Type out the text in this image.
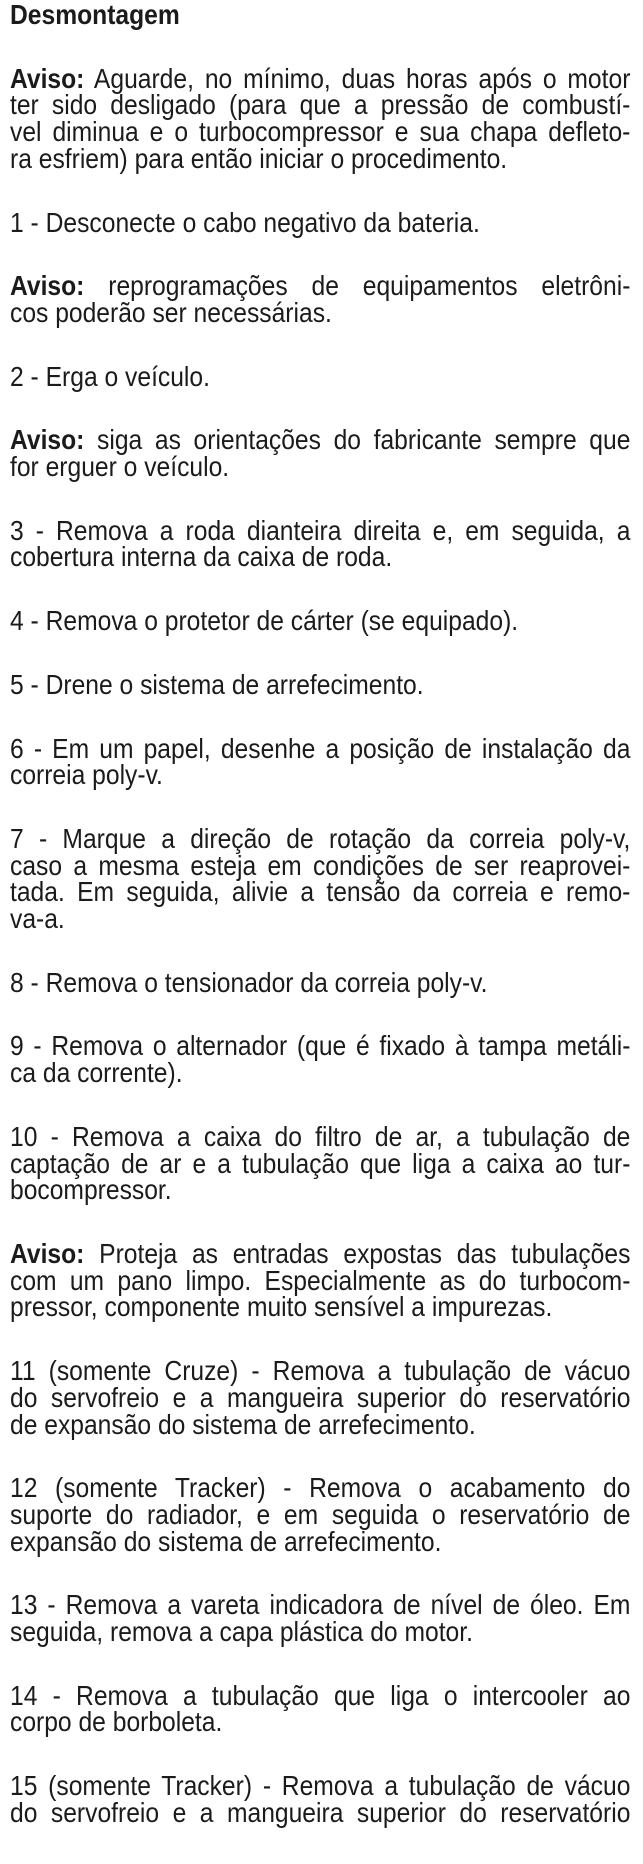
Desmontagem
Aviso: Aguarde, no mínimo, duas horas após o motor
ter sido desligado (para que a pressão de combustí-
vel diminua e o turbocompressor e sua chapa defleto-
ra esfriem) para então iniciar o procedimento.
1 - Desconecte o cabo negativo da bateria.
Aviso: reprogramações de equipamentos eletrôni-
cos poderão ser necessárias.
2 - Erga o veículo.
Aviso: siga as orientações do fabricante sempre que
for erguer o veículo.
3 - Remova a roda dianteira direita e, em seguida, a
cobertura interna da caixa de roda.
4 - Remova o protetor de cárter (se equipado).
5 - Drene o sistema de arrefecimento.
6 - Em um papel, desenhe a posição de instalação da
correia poly-v.
7 - Marque a direção de rotação da correia poly-v,
caso a mesma esteja em condições de ser reaprovei-
tada. Em seguida, alivie a tensão da correia e remo-
va-a.
8 - Remova o tensionador da correia poly-v.
9 - Remova o alternador (que é fixado à tampa metáli-
ca da corrente).
10 - Remova a caixa do filtro de ar, a tubulação de
captação de ar e a tubulação que liga a caixa ao tur-
bocompressor.
Aviso: Proteja as entradas expostas das tubulações
com um pano limpo. Especialmente as do turbocom-
pressor, componente muito sensível a impurezas.
11 (somente Cruze) - Remova a tubulação de vácuo
do servofreio e a mangueira superior do reservatório
de expansão do sistema de arrefecimento.
12 (somente Tracker) - Remova o acabamento do
suporte do radiador, e em seguida o reservatório de
expansão do sistema de arrefecimento.
13 - Remova a vareta indicadora de nível de óleo. Em
seguida, remova a capa plástica do motor.
14 - Remova a tubulação que liga o intercooler ao
corpo de borboleta.
15 (somente Tracker) - Remova a tubulação de vácuo
do servofreio e a mangueira superior do reservatório
